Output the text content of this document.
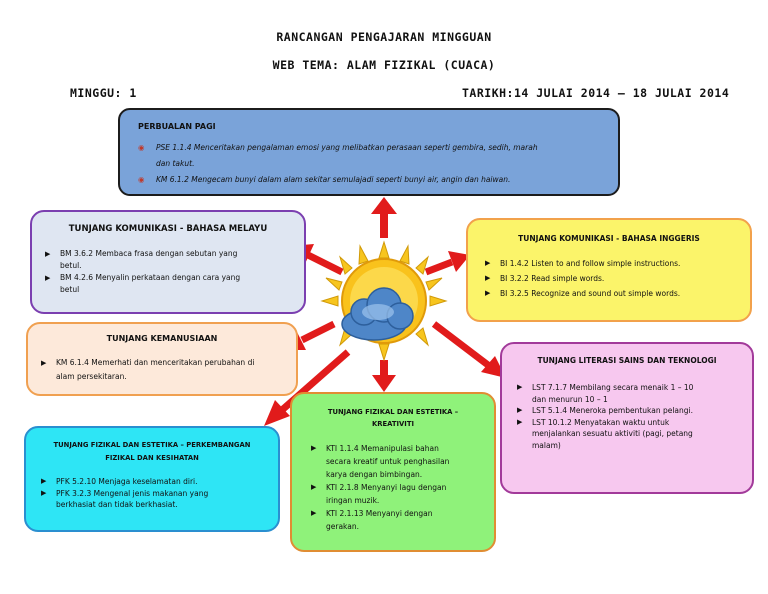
RANCANGAN PENGAJARAN MINGGUAN
WEB TEMA: ALAM FIZIKAL (CUACA)
MINGGU: 1	TARIKH:14 JULAI 2014 – 18 JULAI 2014
PERBUALAN PAGI
◉ PSE 1.1.4 Menceritakan pengalaman emosi yang melibatkan perasaan seperti gembira, sedih, marah
dan takut.
◉ KM 6.1.2 Mengecam bunyi dalam alam sekitar semulajadi seperti bunyi air, angin dan haiwan.
TUNJANG KOMUNIKASI - BAHASA MELAYU
▶ BM 3.6.2 Membaca frasa dengan sebutan yang
betul.
▶ BM 4.2.6 Menyalin perkataan dengan cara yang
betul
TUNJANG KOMUNIKASI - BAHASA INGGERIS
▶ BI 1.4.2 Listen to and follow simple instructions.
▶ BI 3.2.2 Read simple words.
▶ BI 3.2.5 Recognize and sound out simple words.
TUNJANG KEMANUSIAAN
▶ KM 6.1.4 Memerhati dan menceritakan perubahan di
alam persekitaran.
TUNJANG LITERASI SAINS DAN TEKNOLOGI
▶ LST 7.1.7 Membilang secara menaik 1 – 10
dan menurun 10 – 1
▶ LST 5.1.4 Meneroka pembentukan pelangi.
▶ LST 10.1.2 Menyatakan waktu untuk
menjalankan sesuatu aktiviti (pagi, petang
malam)
TUNJANG FIZIKAL DAN ESTETIKA – PERKEMBANGAN
FIZIKAL DAN KESIHATAN
▶ PFK 5.2.10 Menjaga keselamatan diri.
▶ PFK 3.2.3 Mengenal jenis makanan yang
berkhasiat dan tidak berkhasiat.
TUNJANG FIZIKAL DAN ESTETIKA –
KREATIVITI
▶ KTI 1.1.4 Memanipulasi bahan
secara kreatif untuk penghasilan
karya dengan bimbingan.
▶ KTI 2.1.8 Menyanyi lagu dengan
iringan muzik.
▶ KTI 2.1.13 Menyanyi dengan
gerakan.
